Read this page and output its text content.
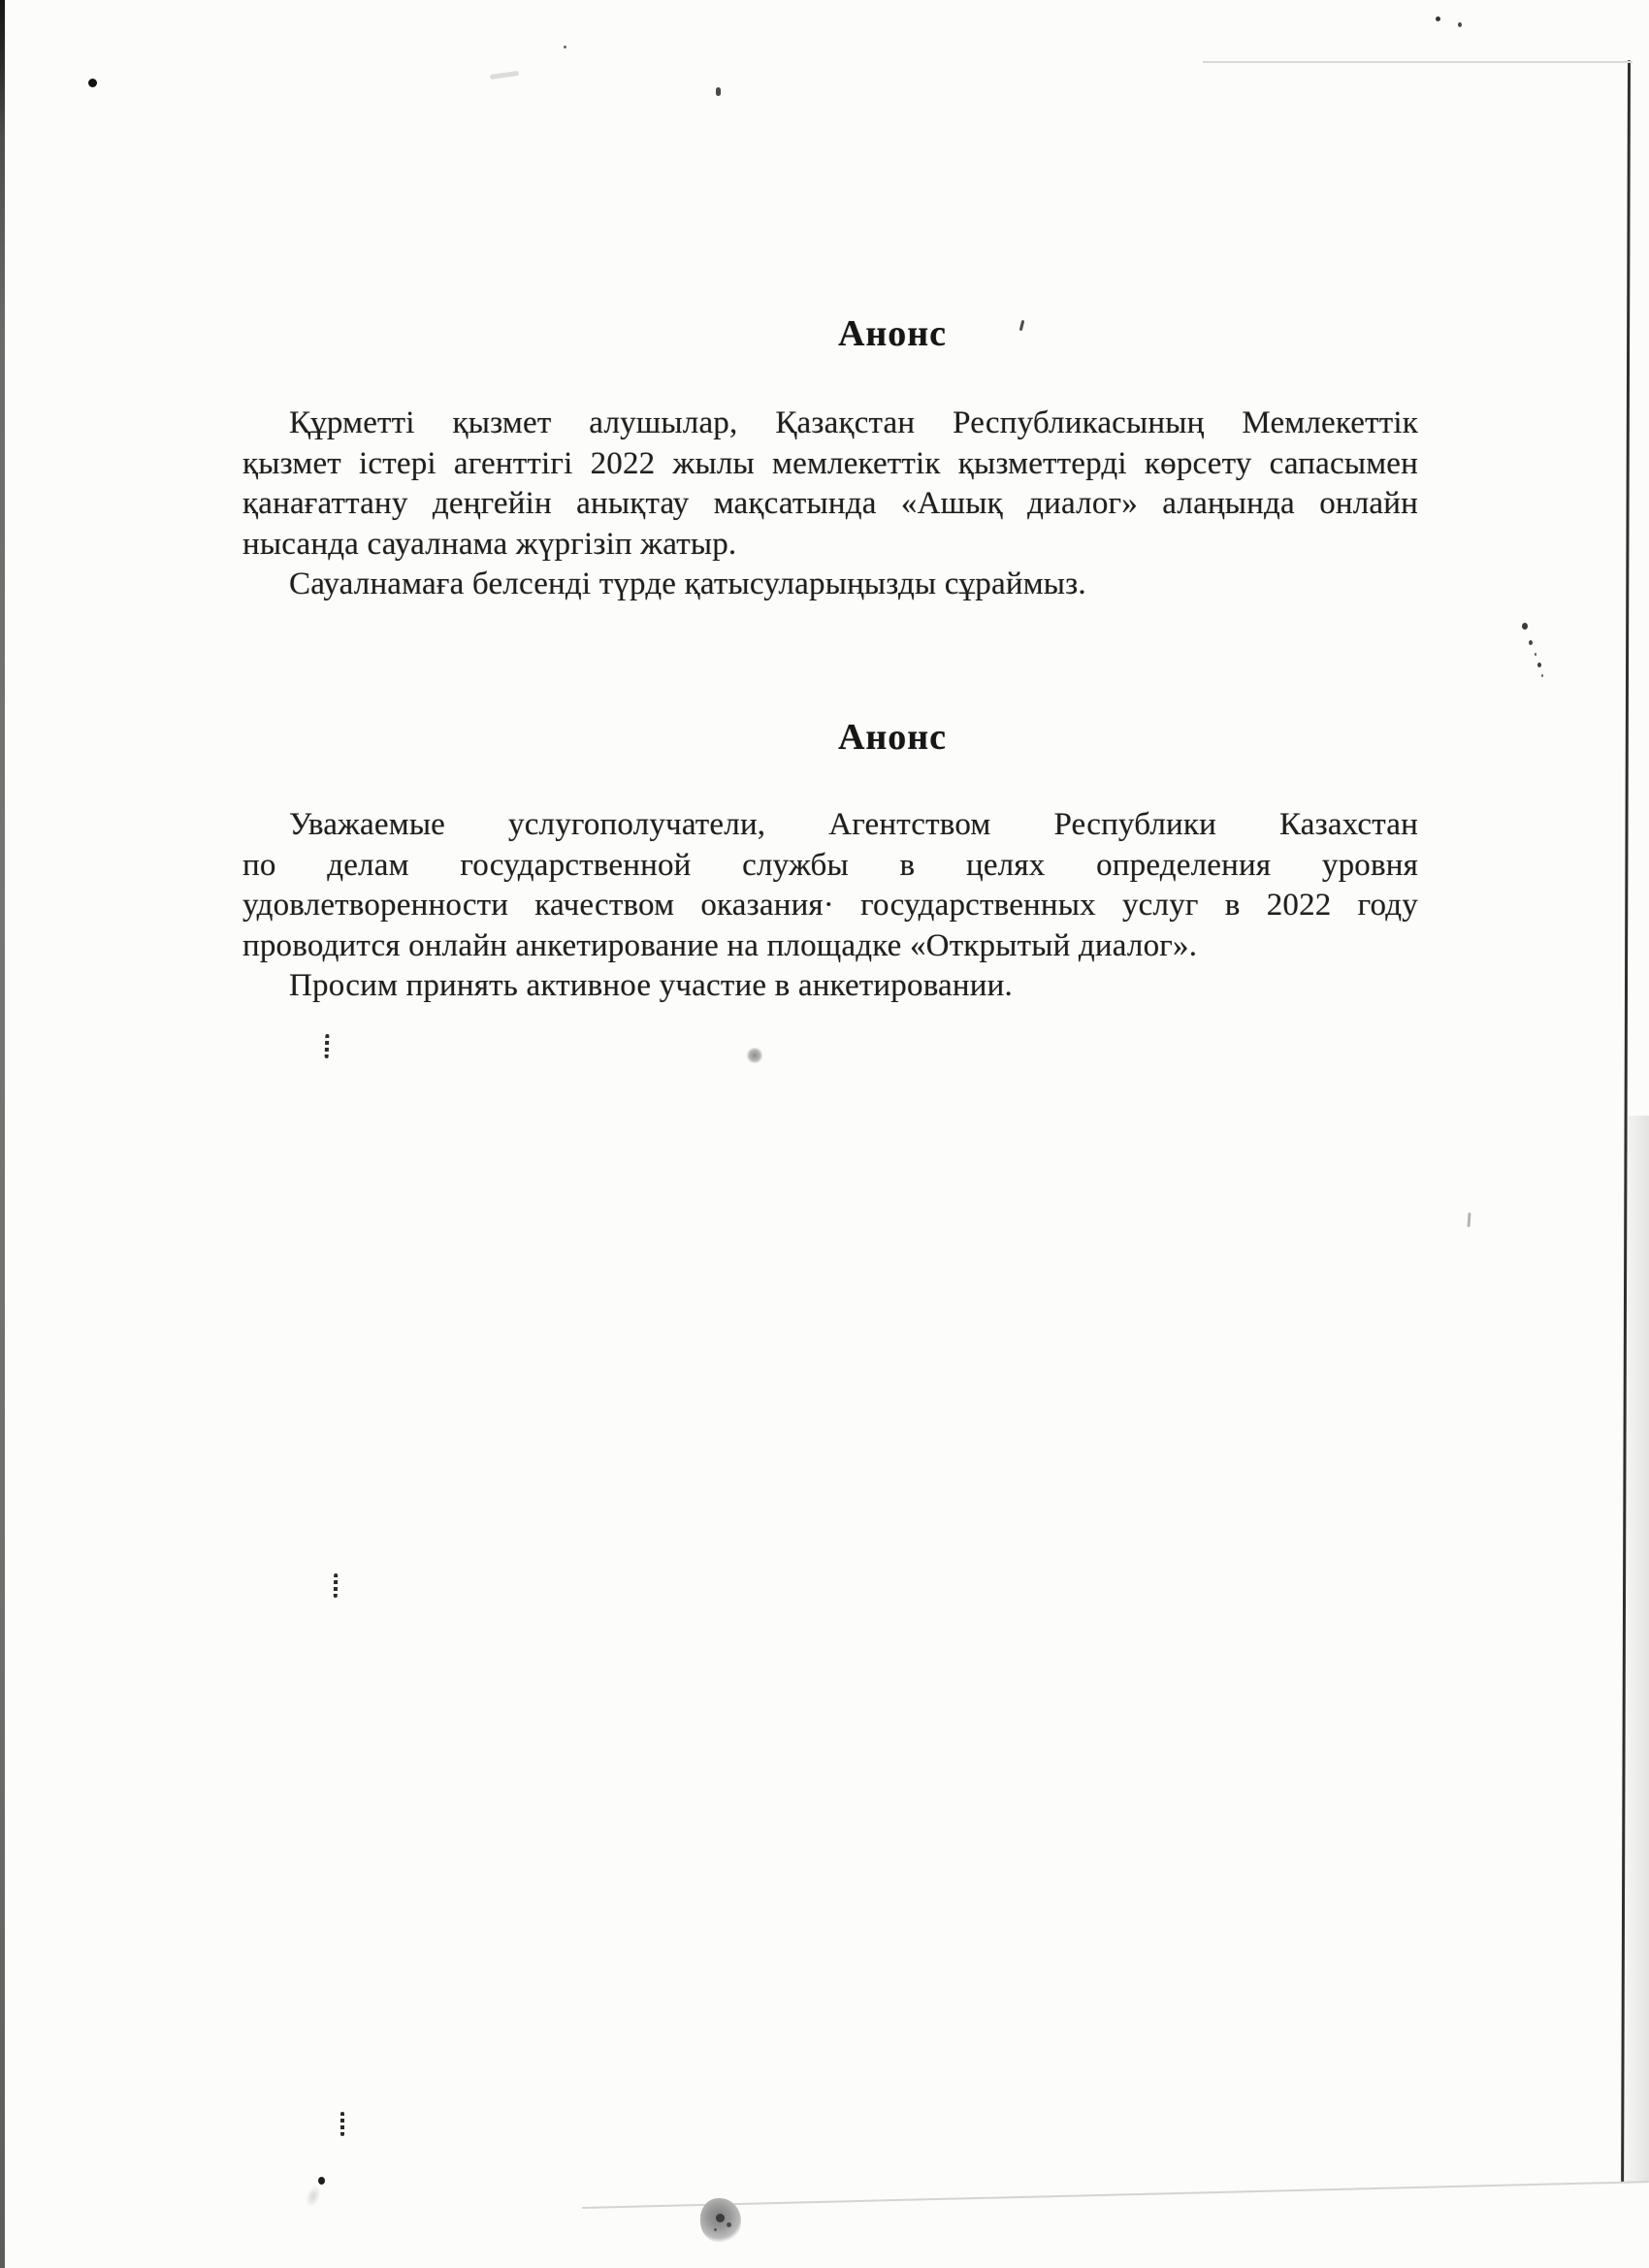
Анонс
Құрметті қызмет алушылар, Қазақстан Республикасының Мемлекеттік
қызмет істері агенттігі 2022 жылы мемлекеттік қызметтерді көрсету сапасымен
қанағаттану деңгейін анықтау мақсатында «Ашық диалог» алаңында онлайн
нысанда сауалнама жүргізіп жатыр.
Сауалнамаға белсенді түрде қатысуларыңызды сұраймыз.
Анонс
Уважаемые услугополучатели, Агентством Республики Казахстан
по делам государственной службы в целях определения уровня
удовлетворенности качеством оказания· государственных услуг в 2022 году
проводится онлайн анкетирование на площадке «Открытый диалог».
Просим принять активное участие в анкетировании.
